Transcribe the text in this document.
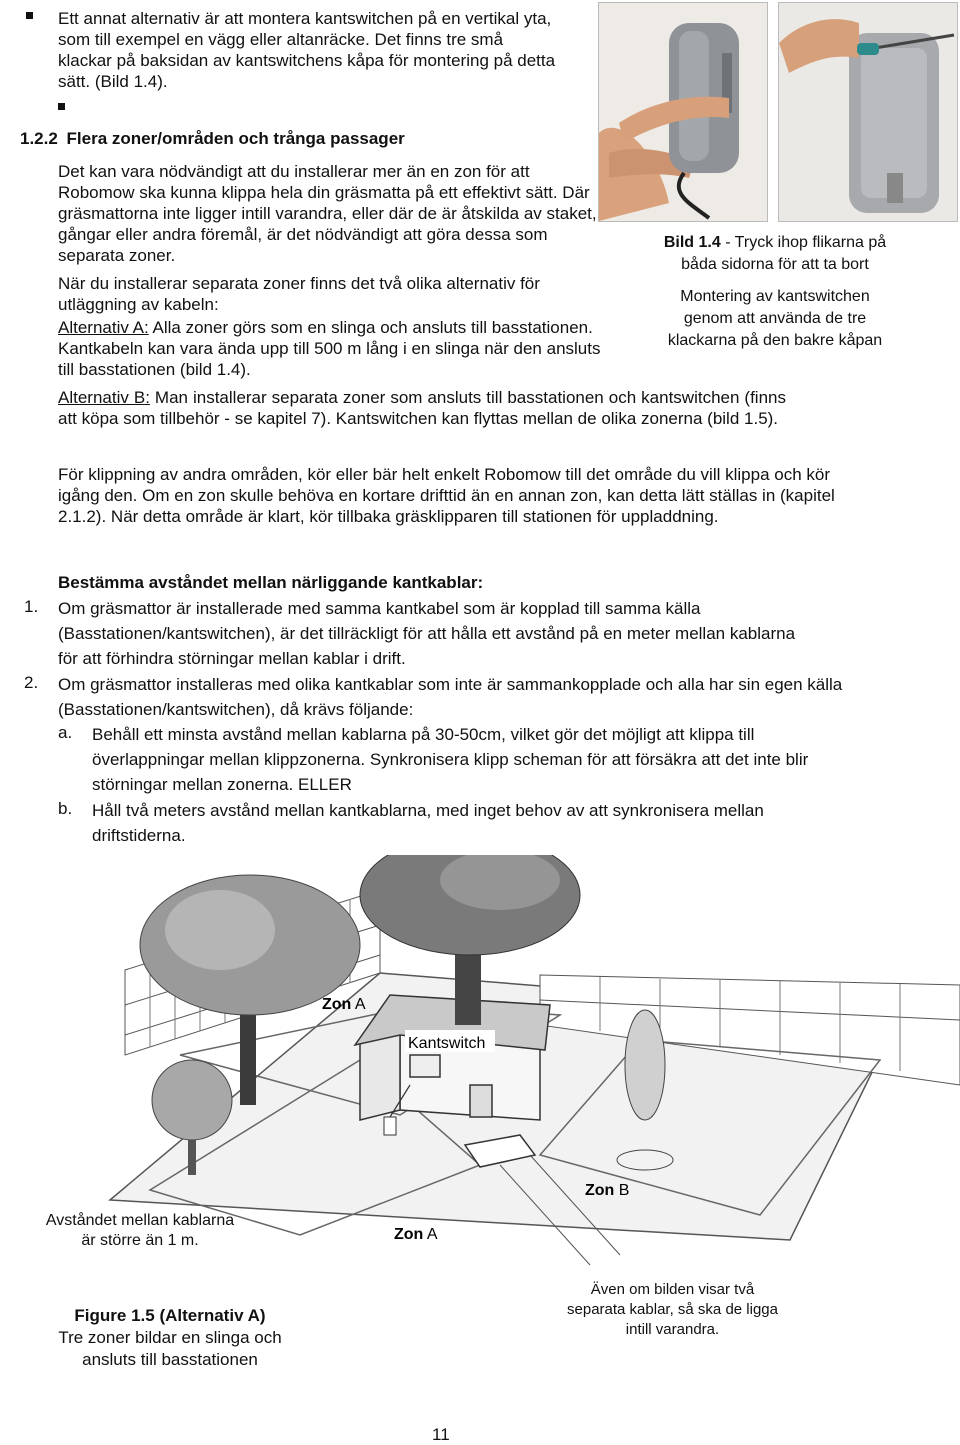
Ett annat alternativ är att montera kantswitchen på en vertikal yta, som till exempel en vägg eller altanräcke. Det finns tre små klackar på baksidan av kantswitchens kåpa för montering på detta sätt. (Bild 1.4).
1.2.2 Flera zoner/områden och trånga passager
Det kan vara nödvändigt att du installerar mer än en zon för att Robomow ska kunna klippa hela din gräsmatta på ett effektivt sätt. Där gräsmattorna inte ligger intill varandra, eller där de är åtskilda av staket, gångar eller andra föremål, är det nödvändigt att göra dessa som separata zoner.
När du installerar separata zoner finns det två olika alternativ för utläggning av kabeln:
Alternativ A: Alla zoner görs som en slinga och ansluts till basstationen. Kantkabeln kan vara ända upp till 500 m lång i en slinga när den ansluts till basstationen (bild 1.4).
Alternativ B: Man installerar separata zoner som ansluts till basstationen och kantswitchen (finns att köpa som tillbehör - se kapitel 7). Kantswitchen kan flyttas mellan de olika zonerna (bild 1.5).
För klippning av andra områden, kör eller bär helt enkelt Robomow till det område du vill klippa och kör igång den. Om en zon skulle behöva en kortare drifttid än en annan zon, kan detta lätt ställas in (kapitel 2.1.2). När detta område är klart, kör tillbaka gräsklipparen till stationen för uppladdning.
Bild 1.4 - Tryck ihop flikarna på
båda sidorna för att ta bort
Montering av kantswitchen
genom att använda de tre
klackarna på den bakre kåpan
Bestämma avståndet mellan närliggande kantkablar:
1. Om gräsmattor är installerade med samma kantkabel som är kopplad till samma källa (Basstationen/kantswitchen), är det tillräckligt för att hålla ett avstånd på en meter mellan kablarna för att förhindra störningar mellan kablar i drift.
2. Om gräsmattor installeras med olika kantkablar som inte är sammankopplade och alla har sin egen källa (Basstationen/kantswitchen), då krävs följande:
a. Behåll ett minsta avstånd mellan kablarna på 30-50cm, vilket gör det möjligt att klippa till överlappningar mellan klippzonerna. Synkronisera klipp scheman för att försäkra att det inte blir störningar mellan zonerna. ELLER
b. Håll två meters avstånd mellan kantkablarna, med inget behov av att synkronisera mellan driftstiderna.
Zon A
Kantswitch
Zon B
Zon A
Avståndet mellan kablarna
är större än 1 m.
Figure 1.5 (Alternativ A)
Tre zoner bildar en slinga och
ansluts till basstationen
Även om bilden visar två
separata kablar, så ska de ligga
intill varandra.
11
